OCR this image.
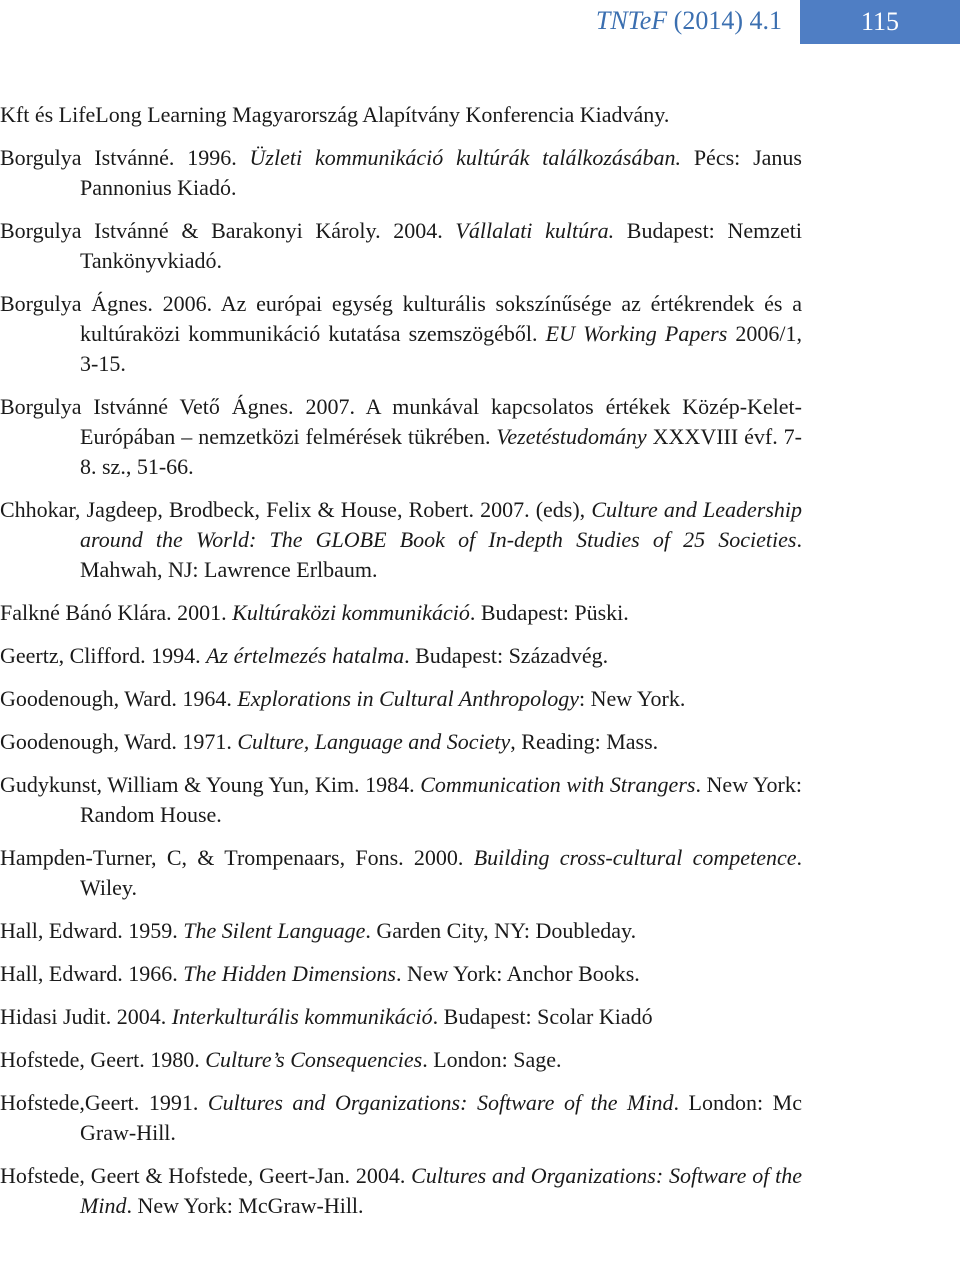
TNTeF (2014) 4.1	115

Kft és LifeLong Learning Magyarország Alapítvány Konferencia Kiadvány.

Borgulya Istvánné. 1996. Üzleti kommunikáció kultúrák találkozásában. Pécs: Janus Pannonius Kiadó.

Borgulya Istvánné & Barakonyi Károly. 2004. Vállalati kultúra. Budapest: Nemzeti Tankönyvkiadó.

Borgulya Ágnes. 2006. Az európai egység kulturális sokszínűsége az értékrendek és a kultúraközi kommunikáció kutatása szemszögéből. EU Working Papers 2006/1, 3-15.

Borgulya Istvánné Vető Ágnes. 2007. A munkával kapcsolatos értékek Közép-Kelet-Európában – nemzetközi felmérések tükrében. Vezetéstudomány XXXVIII évf. 7-8. sz., 51-66.

Chhokar, Jagdeep, Brodbeck, Felix & House, Robert. 2007. (eds), Culture and Leadership around the World: The GLOBE Book of In-depth Studies of 25 Societies. Mahwah, NJ: Lawrence Erlbaum.

Falkné Bánó Klára. 2001. Kultúraközi kommunikáció. Budapest: Püski.

Geertz, Clifford. 1994. Az értelmezés hatalma. Budapest: Századvég.

Goodenough, Ward. 1964. Explorations in Cultural Anthropology: New York.

Goodenough, Ward. 1971. Culture, Language and Society, Reading: Mass.

Gudykunst, William & Young Yun, Kim. 1984. Communication with Strangers. New York: Random House.

Hampden-Turner, C, & Trompenaars, Fons. 2000. Building cross-cultural competence. Wiley.

Hall, Edward. 1959. The Silent Language. Garden City, NY: Doubleday.

Hall, Edward. 1966. The Hidden Dimensions. New York: Anchor Books.

Hidasi Judit. 2004. Interkulturális kommunikáció. Budapest: Scolar Kiadó

Hofstede, Geert. 1980. Culture’s Consequencies. London: Sage.

Hofstede,Geert. 1991. Cultures and Organizations: Software of the Mind. London: Mc Graw-Hill.

Hofstede, Geert & Hofstede, Geert-Jan. 2004. Cultures and Organizations: Software of the Mind. New York: McGraw-Hill.
